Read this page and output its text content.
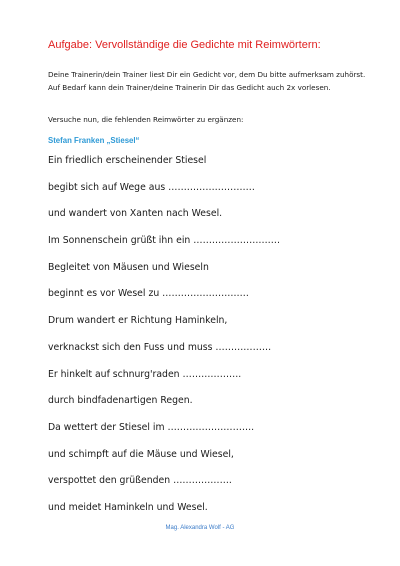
Aufgabe: Vervollständige die Gedichte mit Reimwörtern:
Deine Trainerin/dein Trainer liest Dir ein Gedicht vor, dem Du bitte aufmerksam zuhörst. Auf Bedarf kann dein Trainer/deine Trainerin Dir das Gedicht auch 2x vorlesen.
Versuche nun, die fehlenden Reimwörter zu ergänzen:
Stefan Franken „Stiesel“
Ein friedlich erscheinender Stiesel
begibt sich auf Wege aus ……………………….
und wandert von Xanten nach Wesel.
Im Sonnenschein grüßt ihn ein ……………………….
Begleitet von Mäusen und Wieseln
beginnt es vor Wesel zu ……………………….
Drum wandert er Richtung Haminkeln,
verknackst sich den Fuss und muss ………………
Er hinkelt auf schnurg'raden ……………….
durch bindfadenartigen Regen.
Da wettert der Stiesel im ……………………….
und schimpft auf die Mäuse und Wiesel,
verspottet den grüßenden ……………….
und meidet Haminkeln und Wesel.
Mag. Alexandra Wolf - AG
